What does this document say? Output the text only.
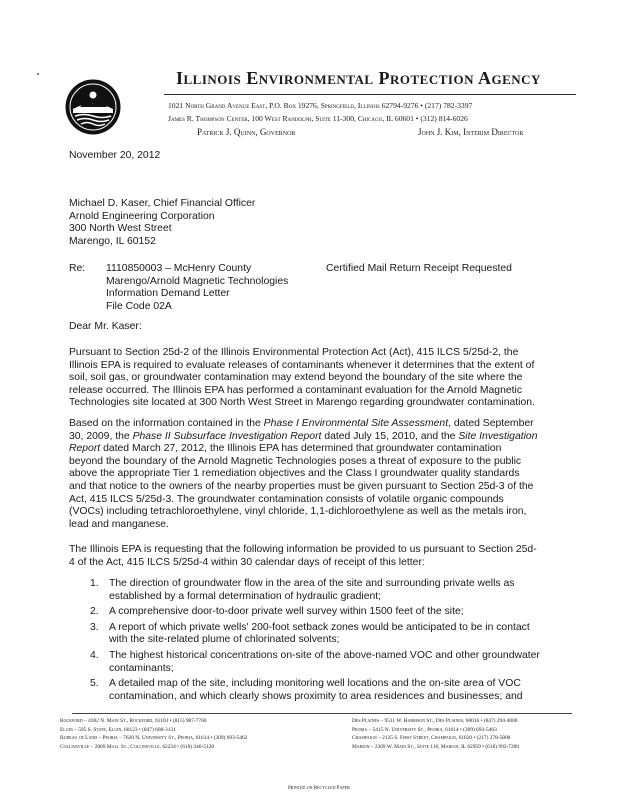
Illinois Environmental Protection Agency
1021 North Grand Avenue East, P.O. Box 19276, Springfield, Illinois 62794-9276 • (217) 782-3397
James R. Thompson Center, 100 West Randolph, Suite 11-300, Chicago, IL 60601 • (312) 814-6026
Patrick J. Quinn, Governor	John J. Kim, Interim Director
November 20, 2012
Michael D. Kaser, Chief Financial Officer
Arnold Engineering Corporation
300 North West Street
Marengo, IL 60152
Re: 1110850003 – McHenry County
Marengo/Arnold Magnetic Technologies
Information Demand Letter
File Code 02A
Certified Mail Return Receipt Requested
Dear Mr. Kaser:
Pursuant to Section 25d-2 of the Illinois Environmental Protection Act (Act), 415 ILCS 5/25d-2, the
Illinois EPA is required to evaluate releases of contaminants whenever it determines that the extent of
soil, soil gas, or groundwater contamination may extend beyond the boundary of the site where the
release occurred. The Illinois EPA has performed a contaminant evaluation for the Arnold Magnetic
Technologies site located at 300 North West Street in Marengo regarding groundwater contamination.
Based on the information contained in the Phase I Environmental Site Assessment, dated September
30, 2009, the Phase II Subsurface Investigation Report dated July 15, 2010, and the Site Investigation
Report dated March 27, 2012, the Illinois EPA has determined that groundwater contamination
beyond the boundary of the Arnold Magnetic Technologies poses a threat of exposure to the public
above the appropriate Tier 1 remediation objectives and the Class I groundwater quality standards
and that notice to the owners of the nearby properties must be given pursuant to Section 25d-3 of the
Act, 415 ILCS 5/25d-3. The groundwater contamination consists of volatile organic compounds
(VOCs) including tetrachloroethylene, vinyl chloride, 1,1-dichloroethylene as well as the metals iron,
lead and manganese.
The Illinois EPA is requesting that the following information be provided to us pursuant to Section 25d-
4 of the Act, 415 ILCS 5/25d-4 within 30 calendar days of receipt of this letter:
1. The direction of groundwater flow in the area of the site and surrounding private wells as
established by a formal determination of hydraulic gradient;
2. A comprehensive door-to-door private well survey within 1500 feet of the site;
3. A report of which private wells' 200-foot setback zones would be anticipated to be in contact
with the site-related plume of chlorinated solvents;
4. The highest historical concentrations on-site of the above-named VOC and other groundwater
contaminants;
5. A detailed map of the site, including monitoring well locations and the on-site area of VOC
contamination, and which clearly shows proximity to area residences and businesses; and
Rockford – 4302 N. Main St., Rockford, 61103 • (815) 987-7760
Elgin – 595 S. State, Elgin, 60123 • (847) 608-3131
Bureau of Land – Peoria – 7620 N. University St., Peoria, 61614 • (309) 693-5462
Collinsville – 2009 Mall St., Collinsville, 62234 • (618) 346-5120
Des Plaines – 9511 W. Harrison St., Des Plaines, 60016 • (847) 294-4000
Peoria – 5415 N. University St., Peoria, 61614 • (309) 693-5463
Champaign – 2125 S. First Street, Champaign, 61820 • (217) 278-5800
Marion – 2309 W. Main St., Suite 116, Marion, IL 62959 • (618) 993-7200
Printed on Recycled Paper
